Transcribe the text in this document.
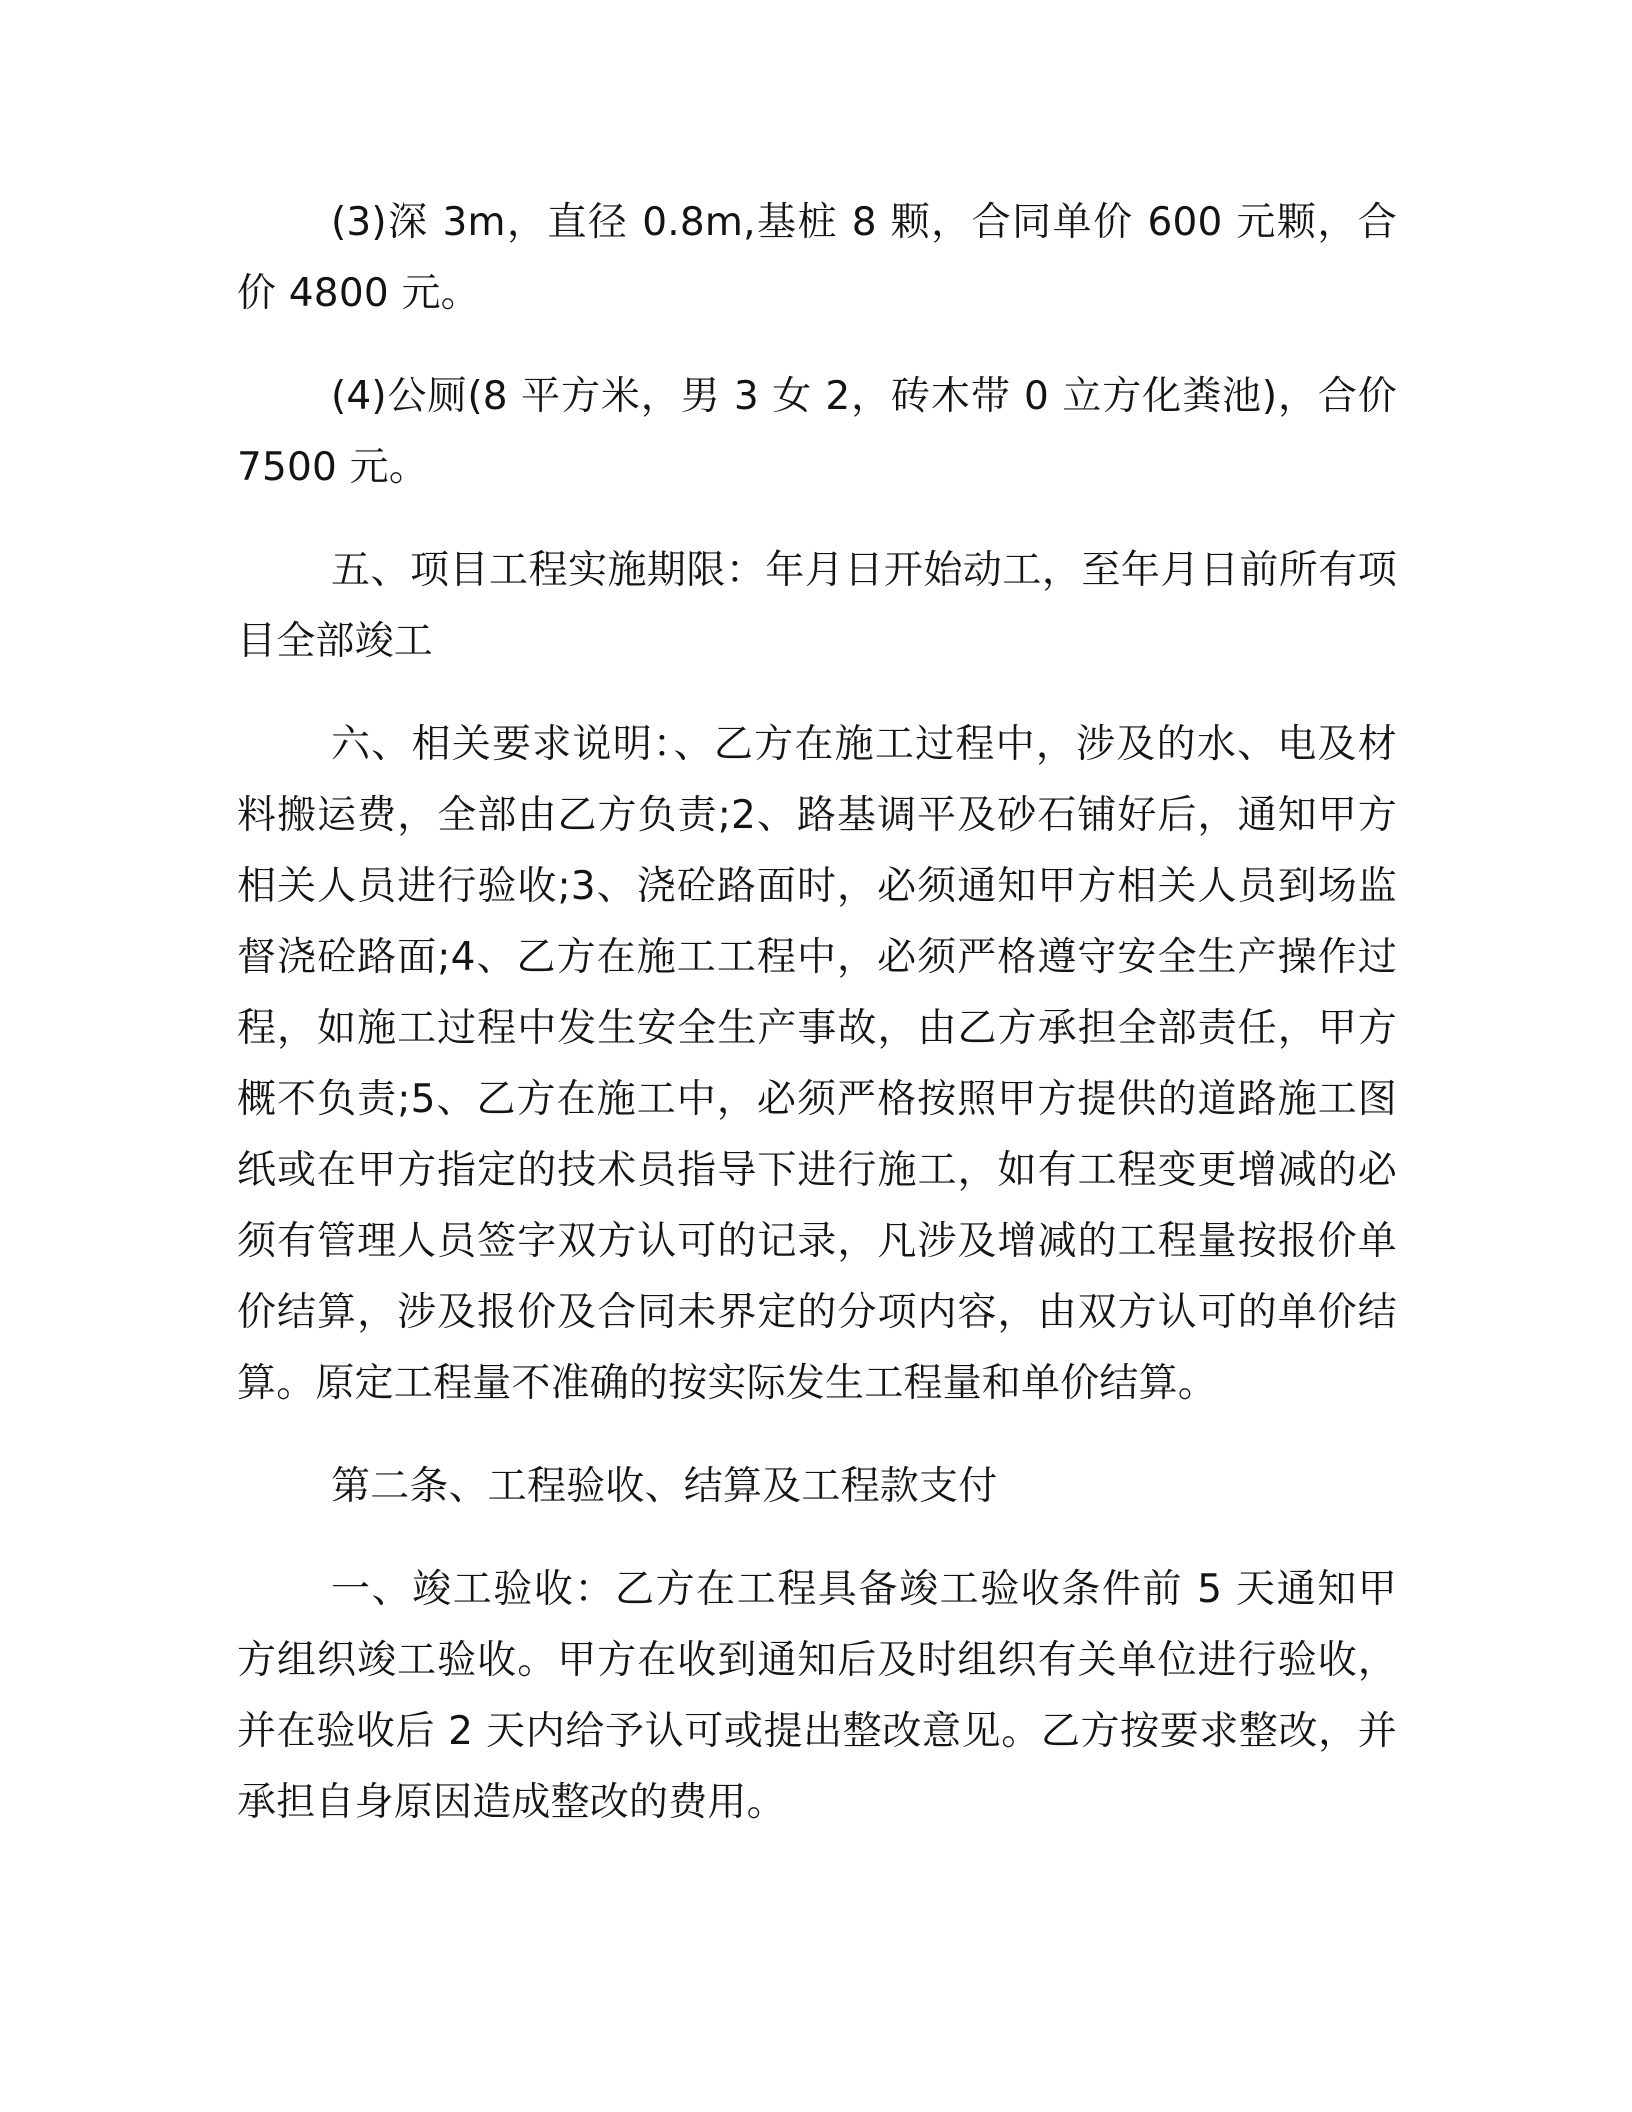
(3)深 3m，直径 0.8m,基桩 8 颗，合同单价 600 元颗，合价 4800 元。

(4)公厕(8 平方米，男 3 女 2，砖木带 0 立方化粪池)，合价 7500 元。

五、项目工程实施期限：年月日开始动工，至年月日前所有项目全部竣工

六、相关要求说明：、乙方在施工过程中，涉及的水、电及材料搬运费，全部由乙方负责;2、路基调平及砂石铺好后，通知甲方相关人员进行验收;3、浇砼路面时，必须通知甲方相关人员到场监督浇砼路面;4、乙方在施工工程中，必须严格遵守安全生产操作过程，如施工过程中发生安全生产事故，由乙方承担全部责任，甲方概不负责;5、乙方在施工中，必须严格按照甲方提供的道路施工图纸或在甲方指定的技术员指导下进行施工，如有工程变更增减的必须有管理人员签字双方认可的记录，凡涉及增减的工程量按报价单价结算，涉及报价及合同未界定的分项内容，由双方认可的单价结算。原定工程量不准确的按实际发生工程量和单价结算。

第二条、工程验收、结算及工程款支付

一、竣工验收：乙方在工程具备竣工验收条件前 5 天通知甲方组织竣工验收。甲方在收到通知后及时组织有关单位进行验收，并在验收后 2 天内给予认可或提出整改意见。乙方按要求整改，并承担自身原因造成整改的费用。
